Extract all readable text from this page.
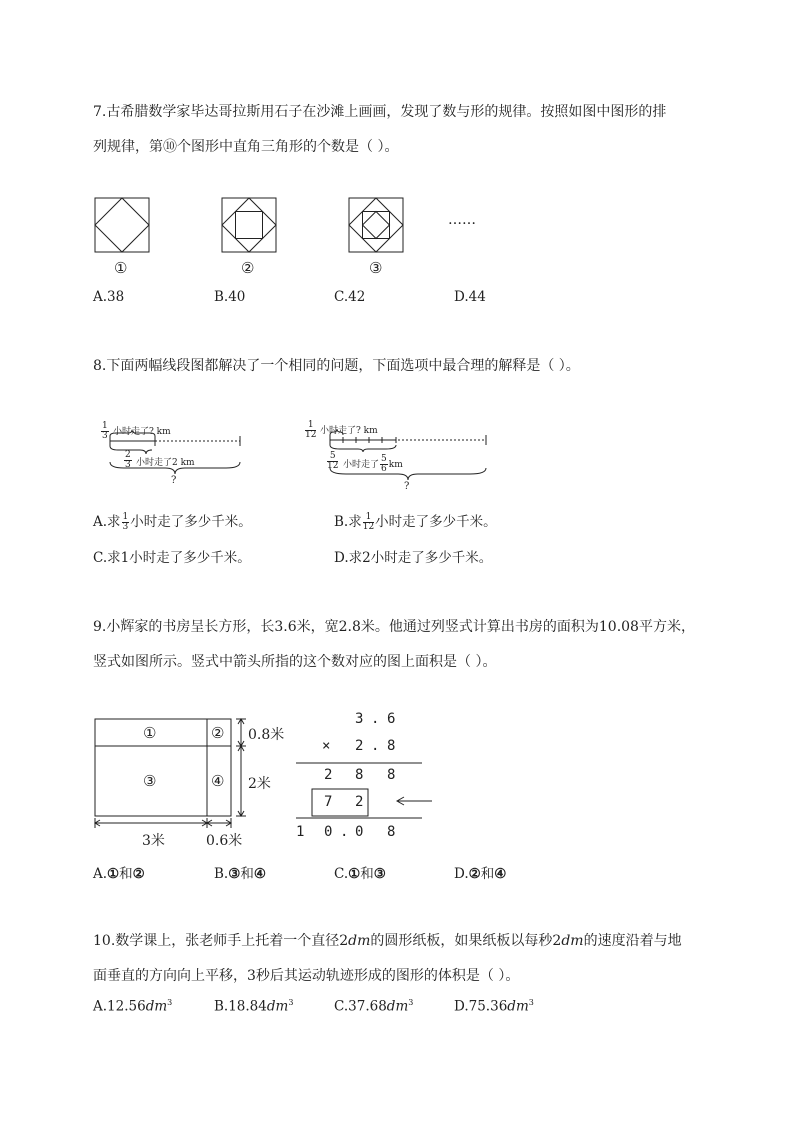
7.古希腊数学家毕达哥拉斯用石子在沙滩上画画，发现了数与形的规律。按照如图中图形的排
列规律，第⑩个图形中直角三角形的个数是（ ）。
……
①	②	③
A.38	B.40	C.42	D.44
8.下面两幅线段图都解决了一个相同的问题，下面选项中最合理的解释是（ ）。
$\frac{1}{3}$ 小时走了? km
$\frac{2}{3}$ 小时走了2 km
?
$\frac{1}{12}$ 小时走了? km
$\frac{5}{12}$ 小时走了 $\frac{5}{6}$ km
?
A.求 $\frac{1}{3}$ 小时走了多少千米。	B.求 $\frac{1}{12}$ 小时走了多少千米。
C.求1小时走了多少千米。	D.求2小时走了多少千米。
9.小辉家的书房呈长方形，长3.6米，宽2.8米。他通过列竖式计算出书房的面积为10.08平方米，
竖式如图所示。竖式中箭头所指的这个数对应的图上面积是（ ）。
①	②
③	④
0.8米
2米
3米	0.6米
3 . 6
× 2 . 8
2 8 8
7 2
1 0 . 0 8
A.①和②	B.③和④	C.①和③	D.②和④
10.数学课上，张老师手上托着一个直径2dm的圆形纸板，如果纸板以每秒2dm的速度沿着与地
面垂直的方向向上平移，3秒后其运动轨迹形成的图形的体积是（ ）。
$A.12.56dm^3$	$B.18.84dm^3$	$C.37.68dm^3$	$D.75.36dm^3$
